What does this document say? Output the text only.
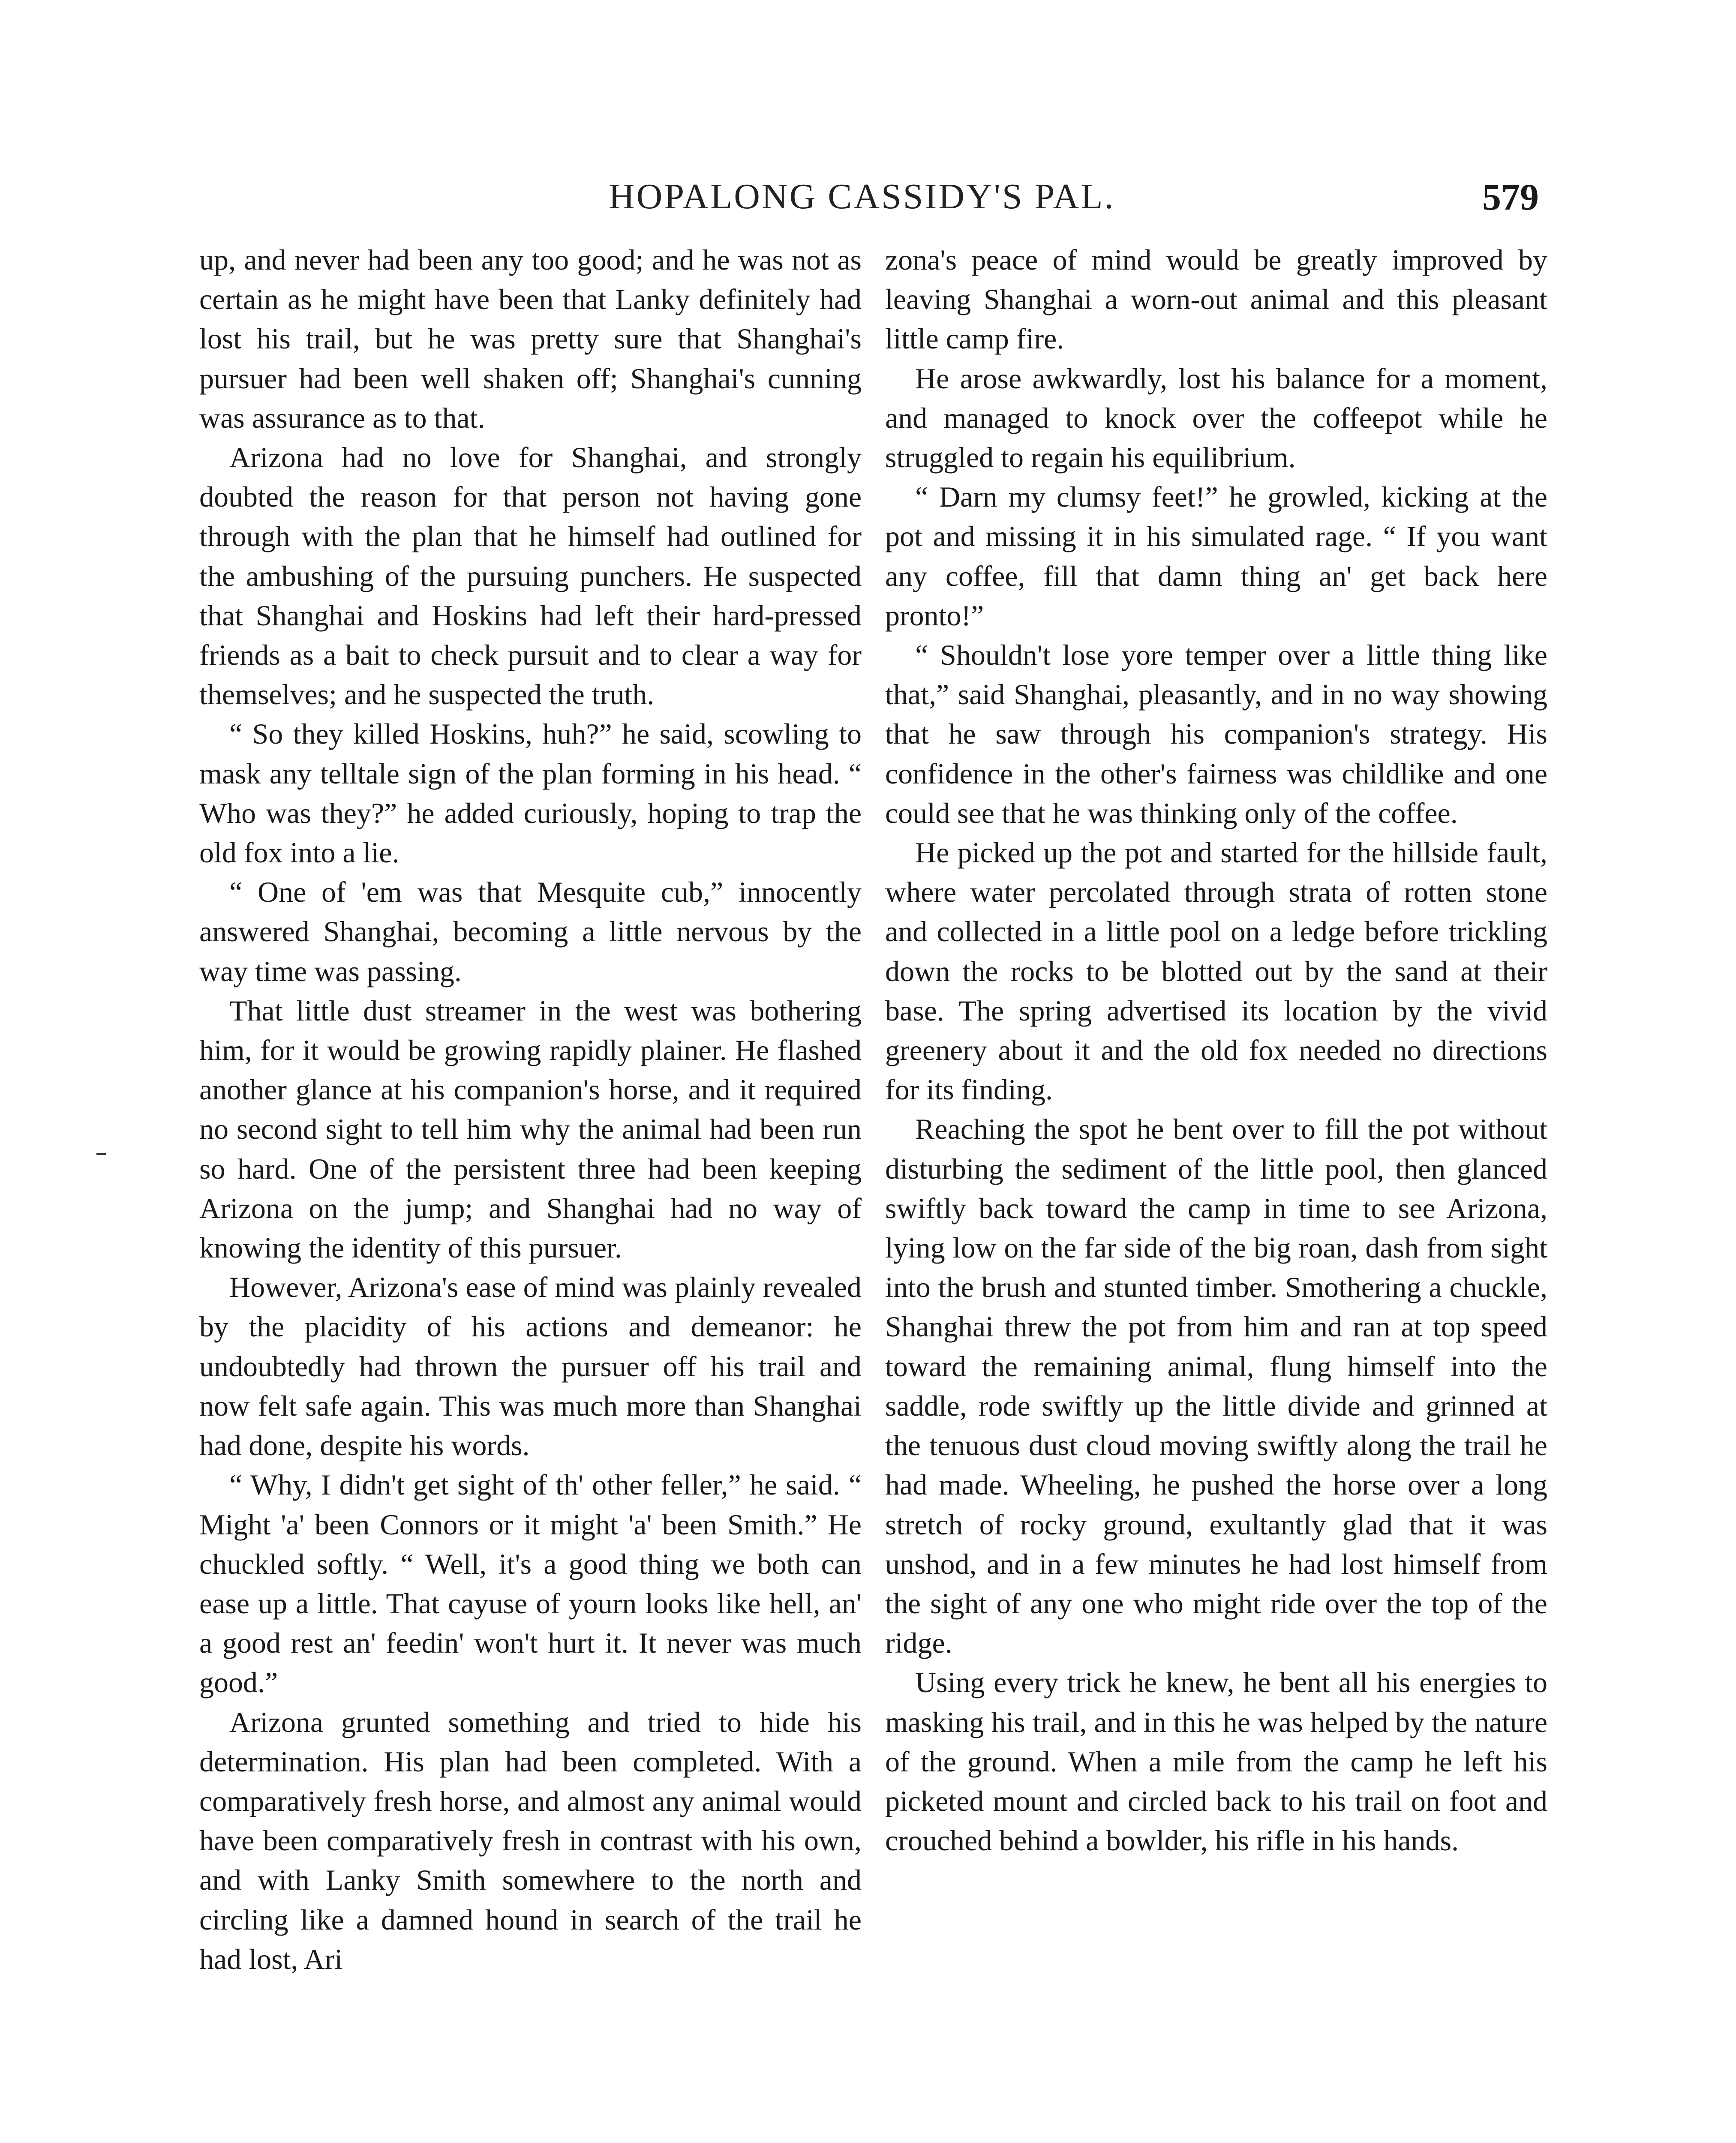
HOPALONG CASSIDY'S PAL.	579

up, and never had been any too good; and he was not as certain as he might have been that Lanky definitely had lost his trail, but he was pretty sure that Shanghai's pursuer had been well shaken off; Shanghai's cunning was assurance as to that.

Arizona had no love for Shanghai, and strongly doubted the reason for that person not having gone through with the plan that he himself had outlined for the ambushing of the pursuing punchers. He suspected that Shanghai and Hoskins had left their hard-pressed friends as a bait to check pursuit and to clear a way for themselves; and he suspected the truth.

“ So they killed Hoskins, huh?” he said, scowling to mask any telltale sign of the plan forming in his head. “ Who was they?” he added curiously, hoping to trap the old fox into a lie.

“ One of 'em was that Mesquite cub,” innocently answered Shanghai, becoming a little nervous by the way time was passing.

That little dust streamer in the west was bothering him, for it would be growing rapidly plainer. He flashed another glance at his companion's horse, and it required no second sight to tell him why the animal had been run so hard. One of the persistent three had been keeping Arizona on the jump; and Shanghai had no way of knowing the identity of this pursuer.

However, Arizona's ease of mind was plainly revealed by the placidity of his actions and demeanor: he undoubtedly had thrown the pursuer off his trail and now felt safe again. This was much more than Shanghai had done, despite his words.

“ Why, I didn't get sight of th' other feller,” he said. “ Might 'a' been Connors or it might 'a' been Smith.” He chuckled softly. “ Well, it's a good thing we both can ease up a little. That cayuse of yourn looks like hell, an' a good rest an' feedin' won't hurt it. It never was much good.”

Arizona grunted something and tried to hide his determination. His plan had been completed. With a comparatively fresh horse, and almost any animal would have been comparatively fresh in contrast with his own, and with Lanky Smith somewhere to the north and circling like a damned hound in search of the trail he had lost, Ari

zona's peace of mind would be greatly improved by leaving Shanghai a worn-out animal and this pleasant little camp fire.

He arose awkwardly, lost his balance for a moment, and managed to knock over the coffeepot while he struggled to regain his equilibrium.

“ Darn my clumsy feet!” he growled, kicking at the pot and missing it in his simulated rage. “ If you want any coffee, fill that damn thing an' get back here pronto!”

“ Shouldn't lose yore temper over a little thing like that,” said Shanghai, pleasantly, and in no way showing that he saw through his companion's strategy. His confidence in the other's fairness was childlike and one could see that he was thinking only of the coffee.

He picked up the pot and started for the hillside fault, where water percolated through strata of rotten stone and collected in a little pool on a ledge before trickling down the rocks to be blotted out by the sand at their base. The spring advertised its location by the vivid greenery about it and the old fox needed no directions for its finding.

Reaching the spot he bent over to fill the pot without disturbing the sediment of the little pool, then glanced swiftly back toward the camp in time to see Arizona, lying low on the far side of the big roan, dash from sight into the brush and stunted timber. Smothering a chuckle, Shanghai threw the pot from him and ran at top speed toward the remaining animal, flung himself into the saddle, rode swiftly up the little divide and grinned at the tenuous dust cloud moving swiftly along the trail he had made. Wheeling, he pushed the horse over a long stretch of rocky ground, exultantly glad that it was unshod, and in a few minutes he had lost himself from the sight of any one who might ride over the top of the ridge.

Using every trick he knew, he bent all his energies to masking his trail, and in this he was helped by the nature of the ground. When a mile from the camp he left his picketed mount and circled back to his trail on foot and crouched behind a bowlder, his rifle in his hands.
